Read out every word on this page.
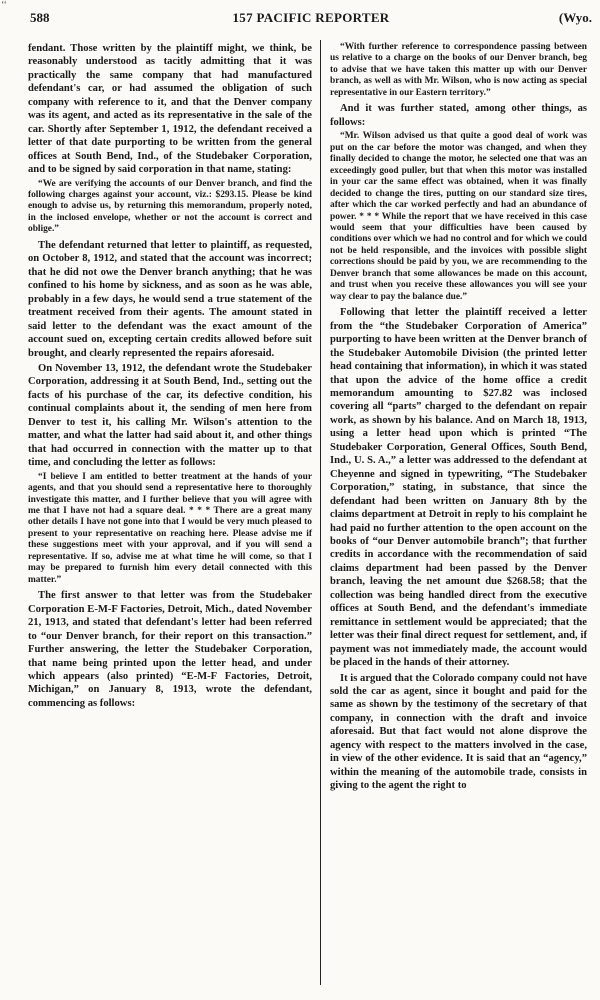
‘‘
588	157 PACIFIC REPORTER	(Wyo.

fendant. Those written by the plaintiff might, we think, be reasonably understood as tacitly admitting that it was practically the same company that had manufactured defendant's car, or had assumed the obligation of such company with reference to it, and that the Denver company was its agent, and acted as its representative in the sale of the car. Shortly after September 1, 1912, the defendant received a letter of that date purporting to be written from the general offices at South Bend, Ind., of the Studebaker Corporation, and to be signed by said corporation in that name, stating:

“We are verifying the accounts of our Denver branch, and find the following charges against your account, viz.: $293.15. Please be kind enough to advise us, by returning this memorandum, properly noted, in the inclosed envelope, whether or not the account is correct and oblige.”

The defendant returned that letter to plaintiff, as requested, on October 8, 1912, and stated that the account was incorrect; that he did not owe the Denver branch anything; that he was confined to his home by sickness, and as soon as he was able, probably in a few days, he would send a true statement of the treatment received from their agents. The amount stated in said letter to the defendant was the exact amount of the account sued on, excepting certain credits allowed before suit brought, and clearly represented the repairs aforesaid.

On November 13, 1912, the defendant wrote the Studebaker Corporation, addressing it at South Bend, Ind., setting out the facts of his purchase of the car, its defective condition, his continual complaints about it, the sending of men here from Denver to test it, his calling Mr. Wilson's attention to the matter, and what the latter had said about it, and other things that had occurred in connection with the matter up to that time, and concluding the letter as follows:

“I believe I am entitled to better treatment at the hands of your agents, and that you should send a representative here to thoroughly investigate this matter, and I further believe that you will agree with me that I have not had a square deal. * * * There are a great many other details I have not gone into that I would be very much pleased to present to your representative on reaching here. Please advise me if these suggestions meet with your approval, and if you will send a representative. If so, advise me at what time he will come, so that I may be prepared to furnish him every detail connected with this matter.”

The first answer to that letter was from the Studebaker Corporation E-M-F Factories, Detroit, Mich., dated November 21, 1913, and stated that defendant's letter had been referred to “our Denver branch, for their report on this transaction.” Further answering, the letter the Studebaker Corporation, that name being printed upon the letter head, and under which appears (also printed) “E-M-F Factories, Detroit, Michigan,” on January 8, 1913, wrote the defendant, commencing as follows:

“With further reference to correspondence passing between us relative to a charge on the books of our Denver branch, beg to advise that we have taken this matter up with our Denver branch, as well as with Mr. Wilson, who is now acting as special representative in our Eastern territory.”

And it was further stated, among other things, as follows:

“Mr. Wilson advised us that quite a good deal of work was put on the car before the motor was changed, and when they finally decided to change the motor, he selected one that was an exceedingly good puller, but that when this motor was installed in your car the same effect was obtained, when it was finally decided to change the tires, putting on our standard size tires, after which the car worked perfectly and had an abundance of power. * * * While the report that we have received in this case would seem that your difficulties have been caused by conditions over which we had no control and for which we could not be held responsible, and the invoices with possible slight corrections should be paid by you, we are recommending to the Denver branch that some allowances be made on this account, and trust when you receive these allowances you will see your way clear to pay the balance due.”

Following that letter the plaintiff received a letter from the “the Studebaker Corporation of America” purporting to have been written at the Denver branch of the Studebaker Automobile Division (the printed letter head containing that information), in which it was stated that upon the advice of the home office a credit memorandum amounting to $27.82 was inclosed covering all “parts” charged to the defendant on repair work, as shown by his balance. And on March 18, 1913, using a letter head upon which is printed “The Studebaker Corporation, General Offices, South Bend, Ind., U. S. A.,” a letter was addressed to the defendant at Cheyenne and signed in typewriting, “The Studebaker Corporation,” stating, in substance, that since the defendant had been written on January 8th by the claims department at Detroit in reply to his complaint he had paid no further attention to the open account on the books of “our Denver automobile branch”; that further credits in accordance with the recommendation of said claims department had been passed by the Denver branch, leaving the net amount due $268.58; that the collection was being handled direct from the executive offices at South Bend, and the defendant's immediate remittance in settlement would be appreciated; that the letter was their final direct request for settlement, and, if payment was not immediately made, the account would be placed in the hands of their attorney.

It is argued that the Colorado company could not have sold the car as agent, since it bought and paid for the same as shown by the testimony of the secretary of that company, in connection with the draft and invoice aforesaid. But that fact would not alone disprove the agency with respect to the matters involved in the case, in view of the other evidence. It is said that an “agency,” within the meaning of the automobile trade, consists in giving to the agent the right to
